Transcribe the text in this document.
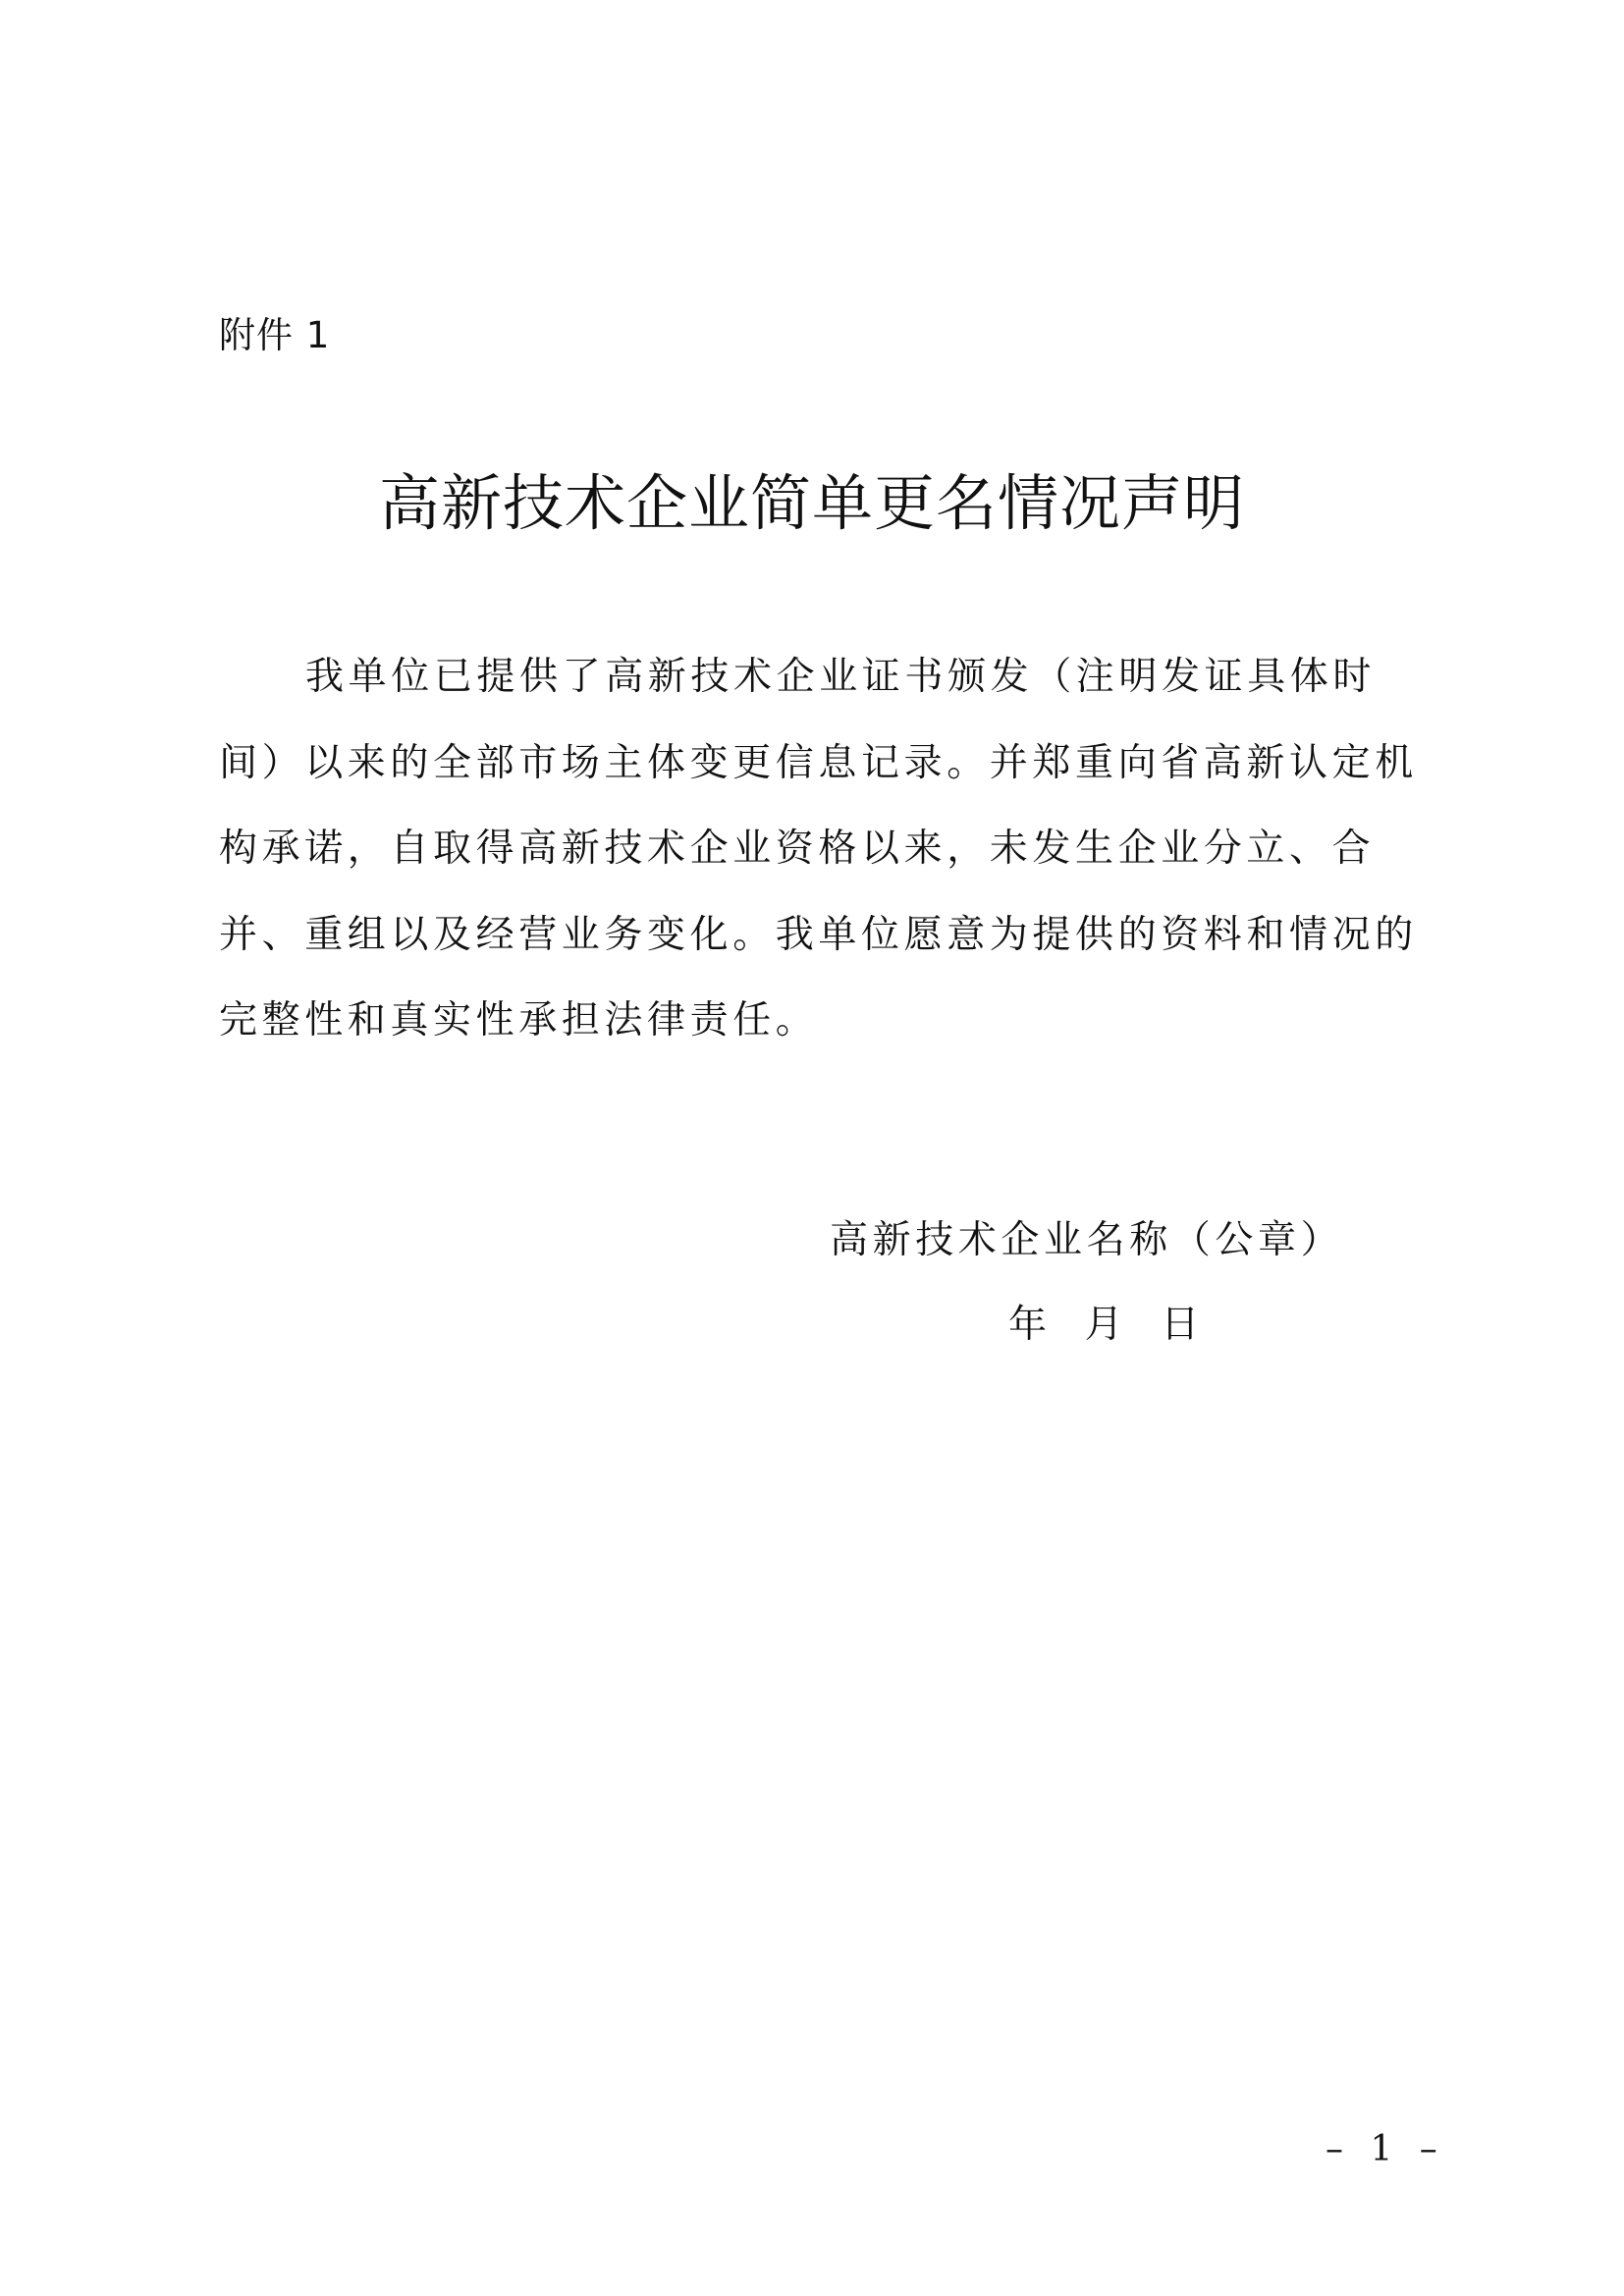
附件 1
高新技术企业简单更名情况声明

我单位已提供了高新技术企业证书颁发（注明发证具体时间）以来的全部市场主体变更信息记录。并郑重向省高新认定机构承诺，自取得高新技术企业资格以来，未发生企业分立、合并、重组以及经营业务变化。我单位愿意为提供的资料和情况的完整性和真实性承担法律责任。

高新技术企业名称（公章）
年  月  日
– 1 –
